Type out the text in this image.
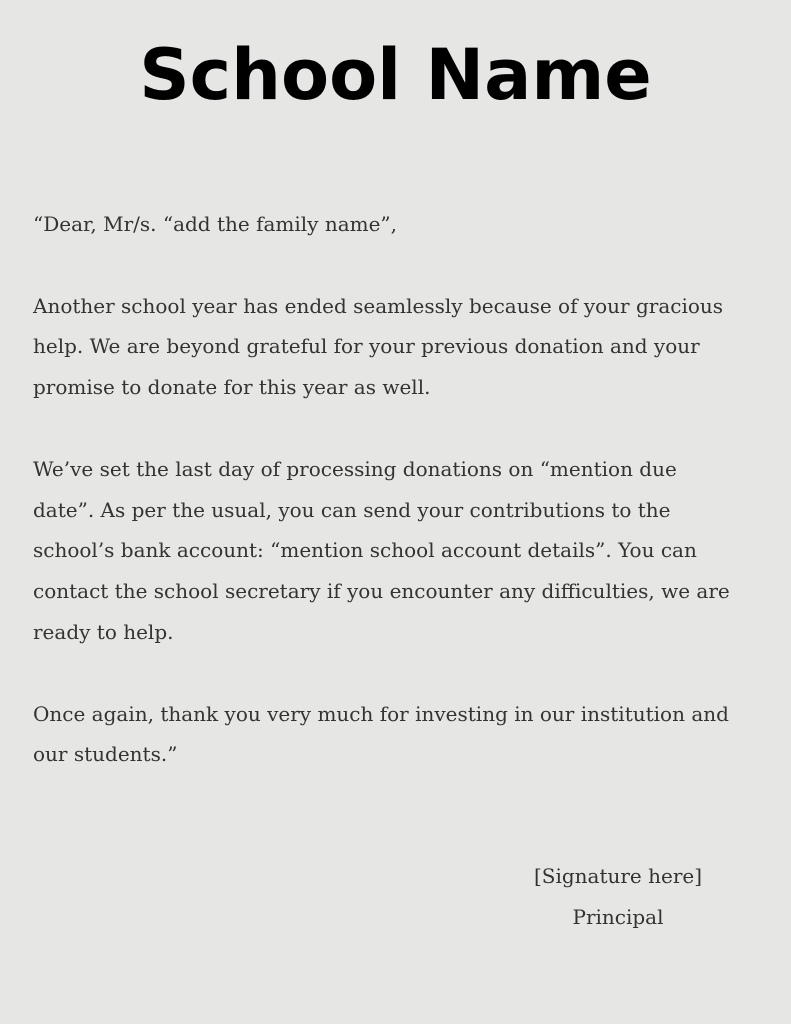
School Name

“Dear, Mr/s. “add the family name”,

Another school year has ended seamlessly because of your gracious help. We are beyond grateful for your previous donation and your promise to donate for this year as well.

We’ve set the last day of processing donations on “mention due date”. As per the usual, you can send your contributions to the school’s bank account: “mention school account details”. You can contact the school secretary if you encounter any difficulties, we are ready to help.

Once again, thank you very much for investing in our institution and our students.”

[Signature here]
Principal
